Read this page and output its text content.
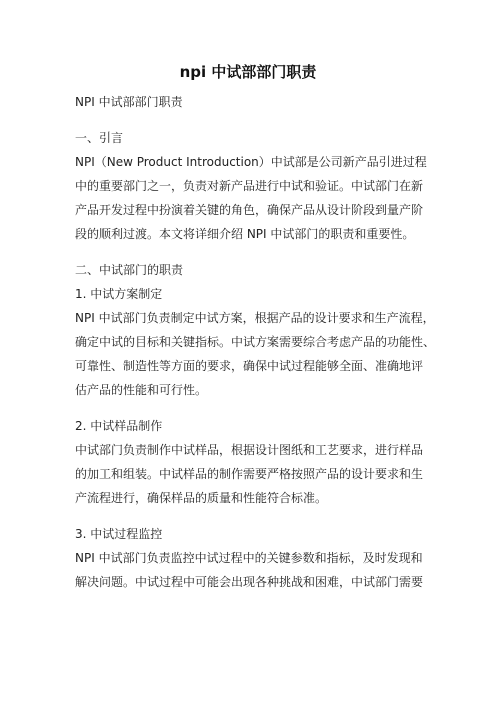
npi 中试部部门职责
NPI 中试部部门职责
一、引言
NPI（New Product Introduction）中试部是公司新产品引进过程
中的重要部门之一，负责对新产品进行中试和验证。中试部门在新
产品开发过程中扮演着关键的角色，确保产品从设计阶段到量产阶
段的顺利过渡。本文将详细介绍 NPI 中试部门的职责和重要性。
二、中试部门的职责
1. 中试方案制定
NPI 中试部门负责制定中试方案，根据产品的设计要求和生产流程，
确定中试的目标和关键指标。中试方案需要综合考虑产品的功能性、
可靠性、制造性等方面的要求，确保中试过程能够全面、准确地评
估产品的性能和可行性。
2. 中试样品制作
中试部门负责制作中试样品，根据设计图纸和工艺要求，进行样品
的加工和组装。中试样品的制作需要严格按照产品的设计要求和生
产流程进行，确保样品的质量和性能符合标准。
3. 中试过程监控
NPI 中试部门负责监控中试过程中的关键参数和指标，及时发现和
解决问题。中试过程中可能会出现各种挑战和困难，中试部门需要
